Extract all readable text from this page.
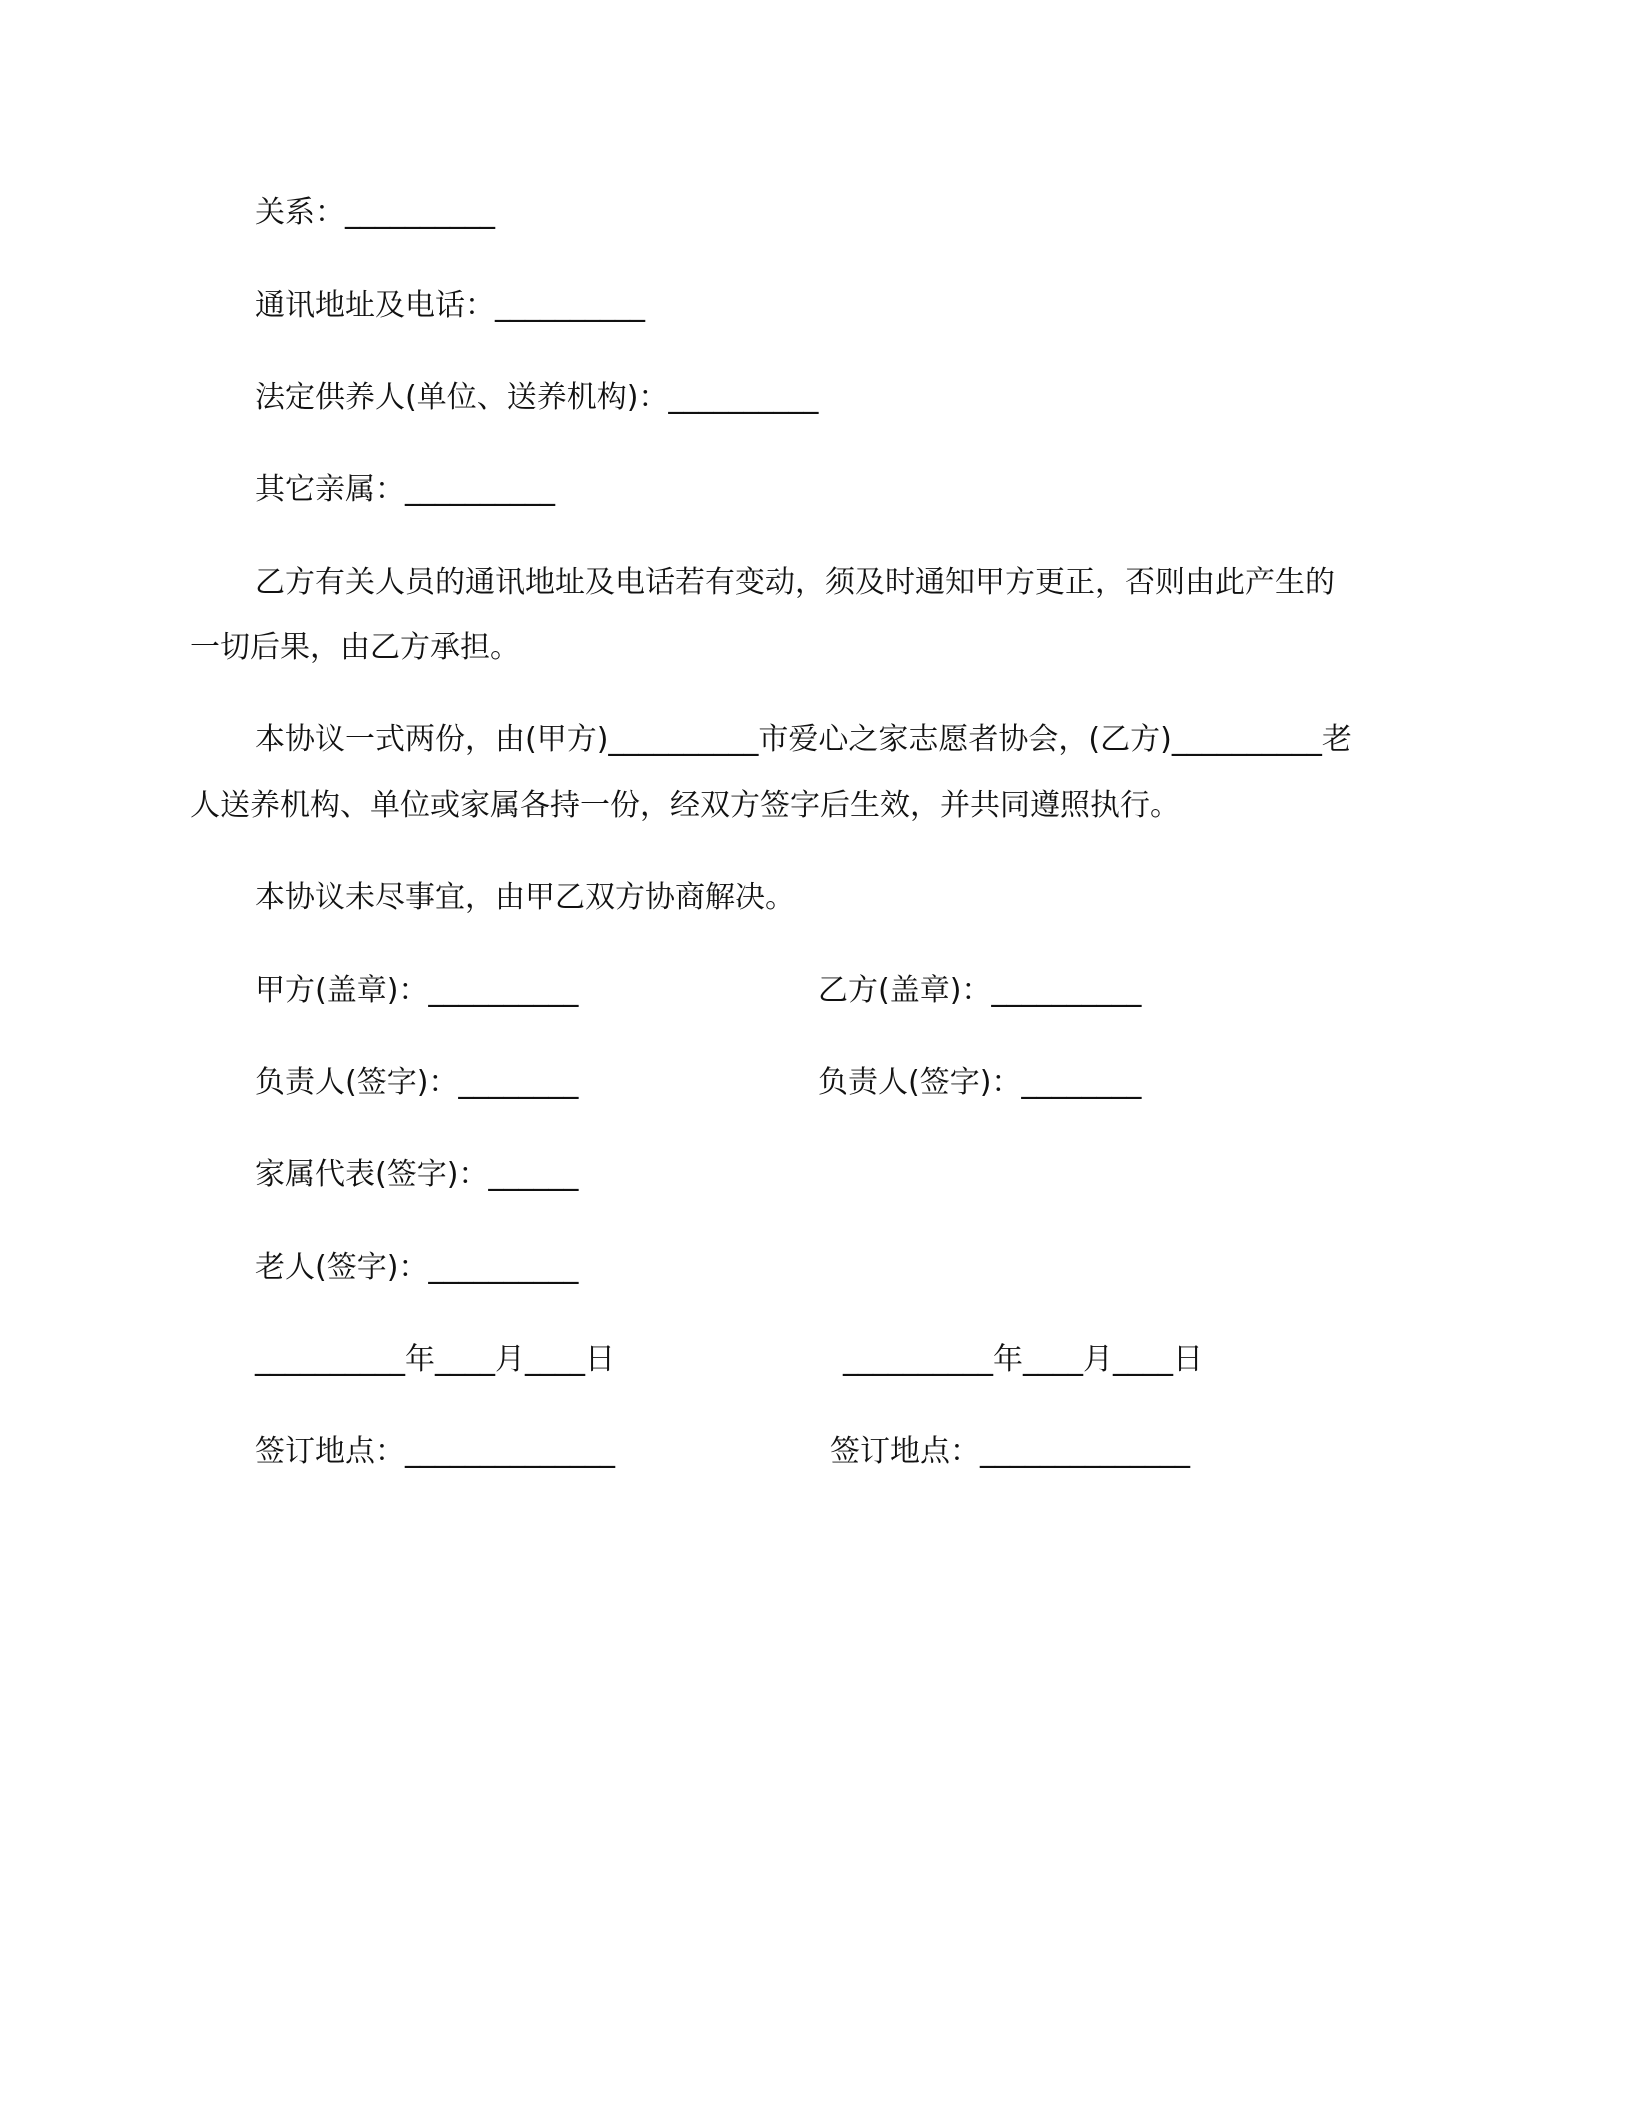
关系：__________
通讯地址及电话：__________
法定供养人(单位、送养机构)：__________
其它亲属：__________
乙方有关人员的通讯地址及电话若有变动，须及时通知甲方更正，否则由此产生的
一切后果，由乙方承担。
本协议一式两份，由(甲方)__________市爱心之家志愿者协会，(乙方)__________老
人送养机构、单位或家属各持一份，经双方签字后生效，并共同遵照执行。
本协议未尽事宜，由甲乙双方协商解决。
甲方(盖章)：__________	乙方(盖章)：__________
负责人(签字)：________	负责人(签字)：________
家属代表(签字)：______
老人(签字)：__________
__________年____月____日	__________年____月____日
签订地点：______________	签订地点：______________
